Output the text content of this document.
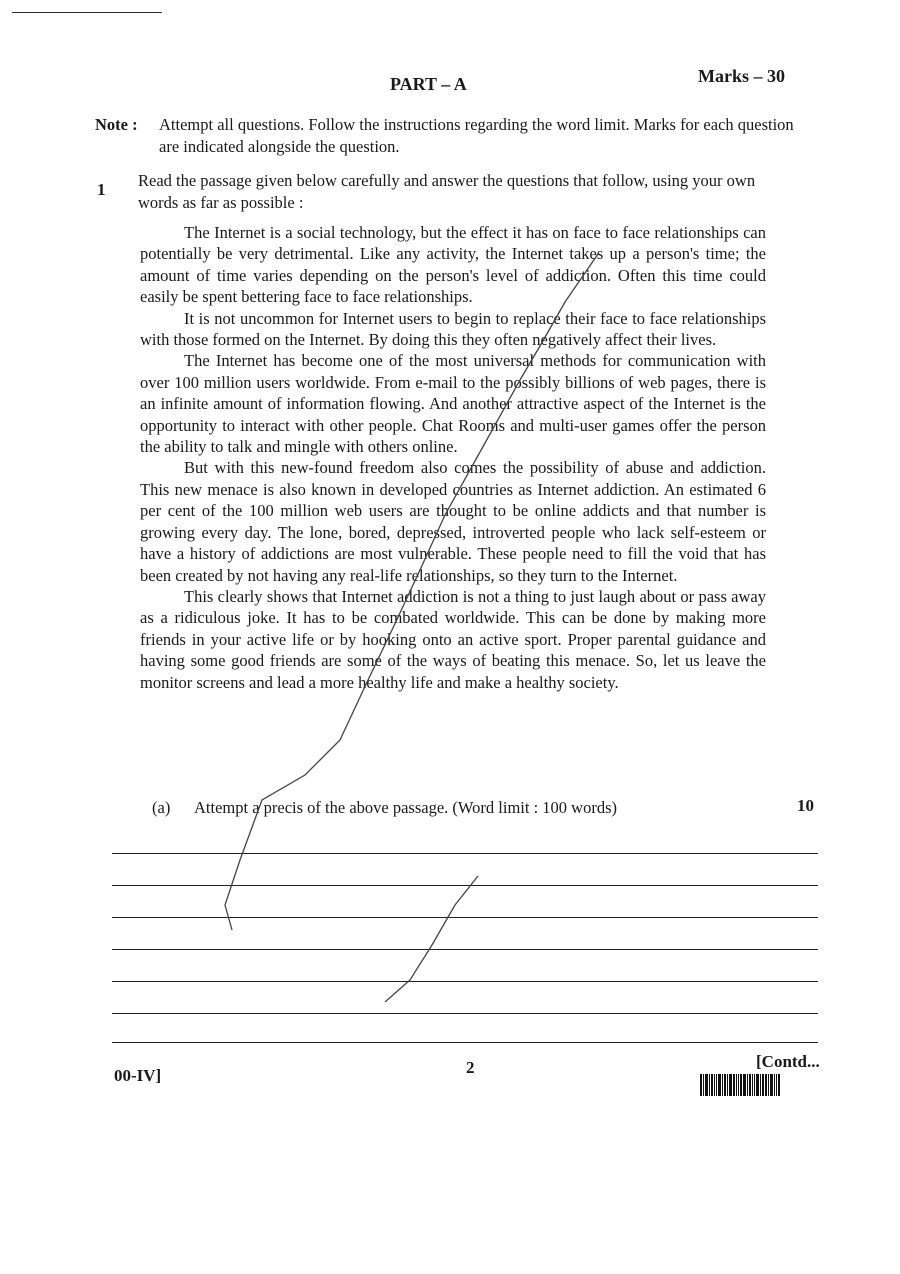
PART – A	Marks – 30
Note :	Attempt all questions. Follow the instructions regarding the word limit. Marks for each question are indicated alongside the question.
1 Read the passage given below carefully and answer the questions that follow, using your own words as far as possible :

The Internet is a social technology, but the effect it has on face to face relationships can potentially be very detrimental. Like any activity, the Internet takes up a person's time; the amount of time varies depending on the person's level of addiction. Often this time could easily be spent bettering face to face relationships.

It is not uncommon for Internet users to begin to replace their face to face relationships with those formed on the Internet. By doing this they often negatively affect their lives.

The Internet has become one of the most universal methods for communication with over 100 million users worldwide. From e-mail to the possibly billions of web pages, there is an infinite amount of information flowing. And another attractive aspect of the Internet is the opportunity to interact with other people. Chat Rooms and multi-user games offer the person the ability to talk and mingle with others online.

But with this new-found freedom also comes the possibility of abuse and addiction. This new menace is also known in developed countries as Internet addiction. An estimated 6 per cent of the 100 million web users are thought to be online addicts and that number is growing every day. The lone, bored, depressed, introverted people who lack self-esteem or have a history of addictions are most vulnerable. These people need to fill the void that has been created by not having any real-life relationships, so they turn to the Internet.

This clearly shows that Internet addiction is not a thing to just laugh about or pass away as a ridiculous joke. It has to be combated worldwide. This can be done by making more friends in your active life or by hooking onto an active sport. Proper parental guidance and having some good friends are some of the ways of beating this menace. So, let us leave the monitor screens and lead a more healthy life and make a healthy society.

(a) Attempt a precis of the above passage. (Word limit : 100 words)	10
00-IV]	2	[Contd...
